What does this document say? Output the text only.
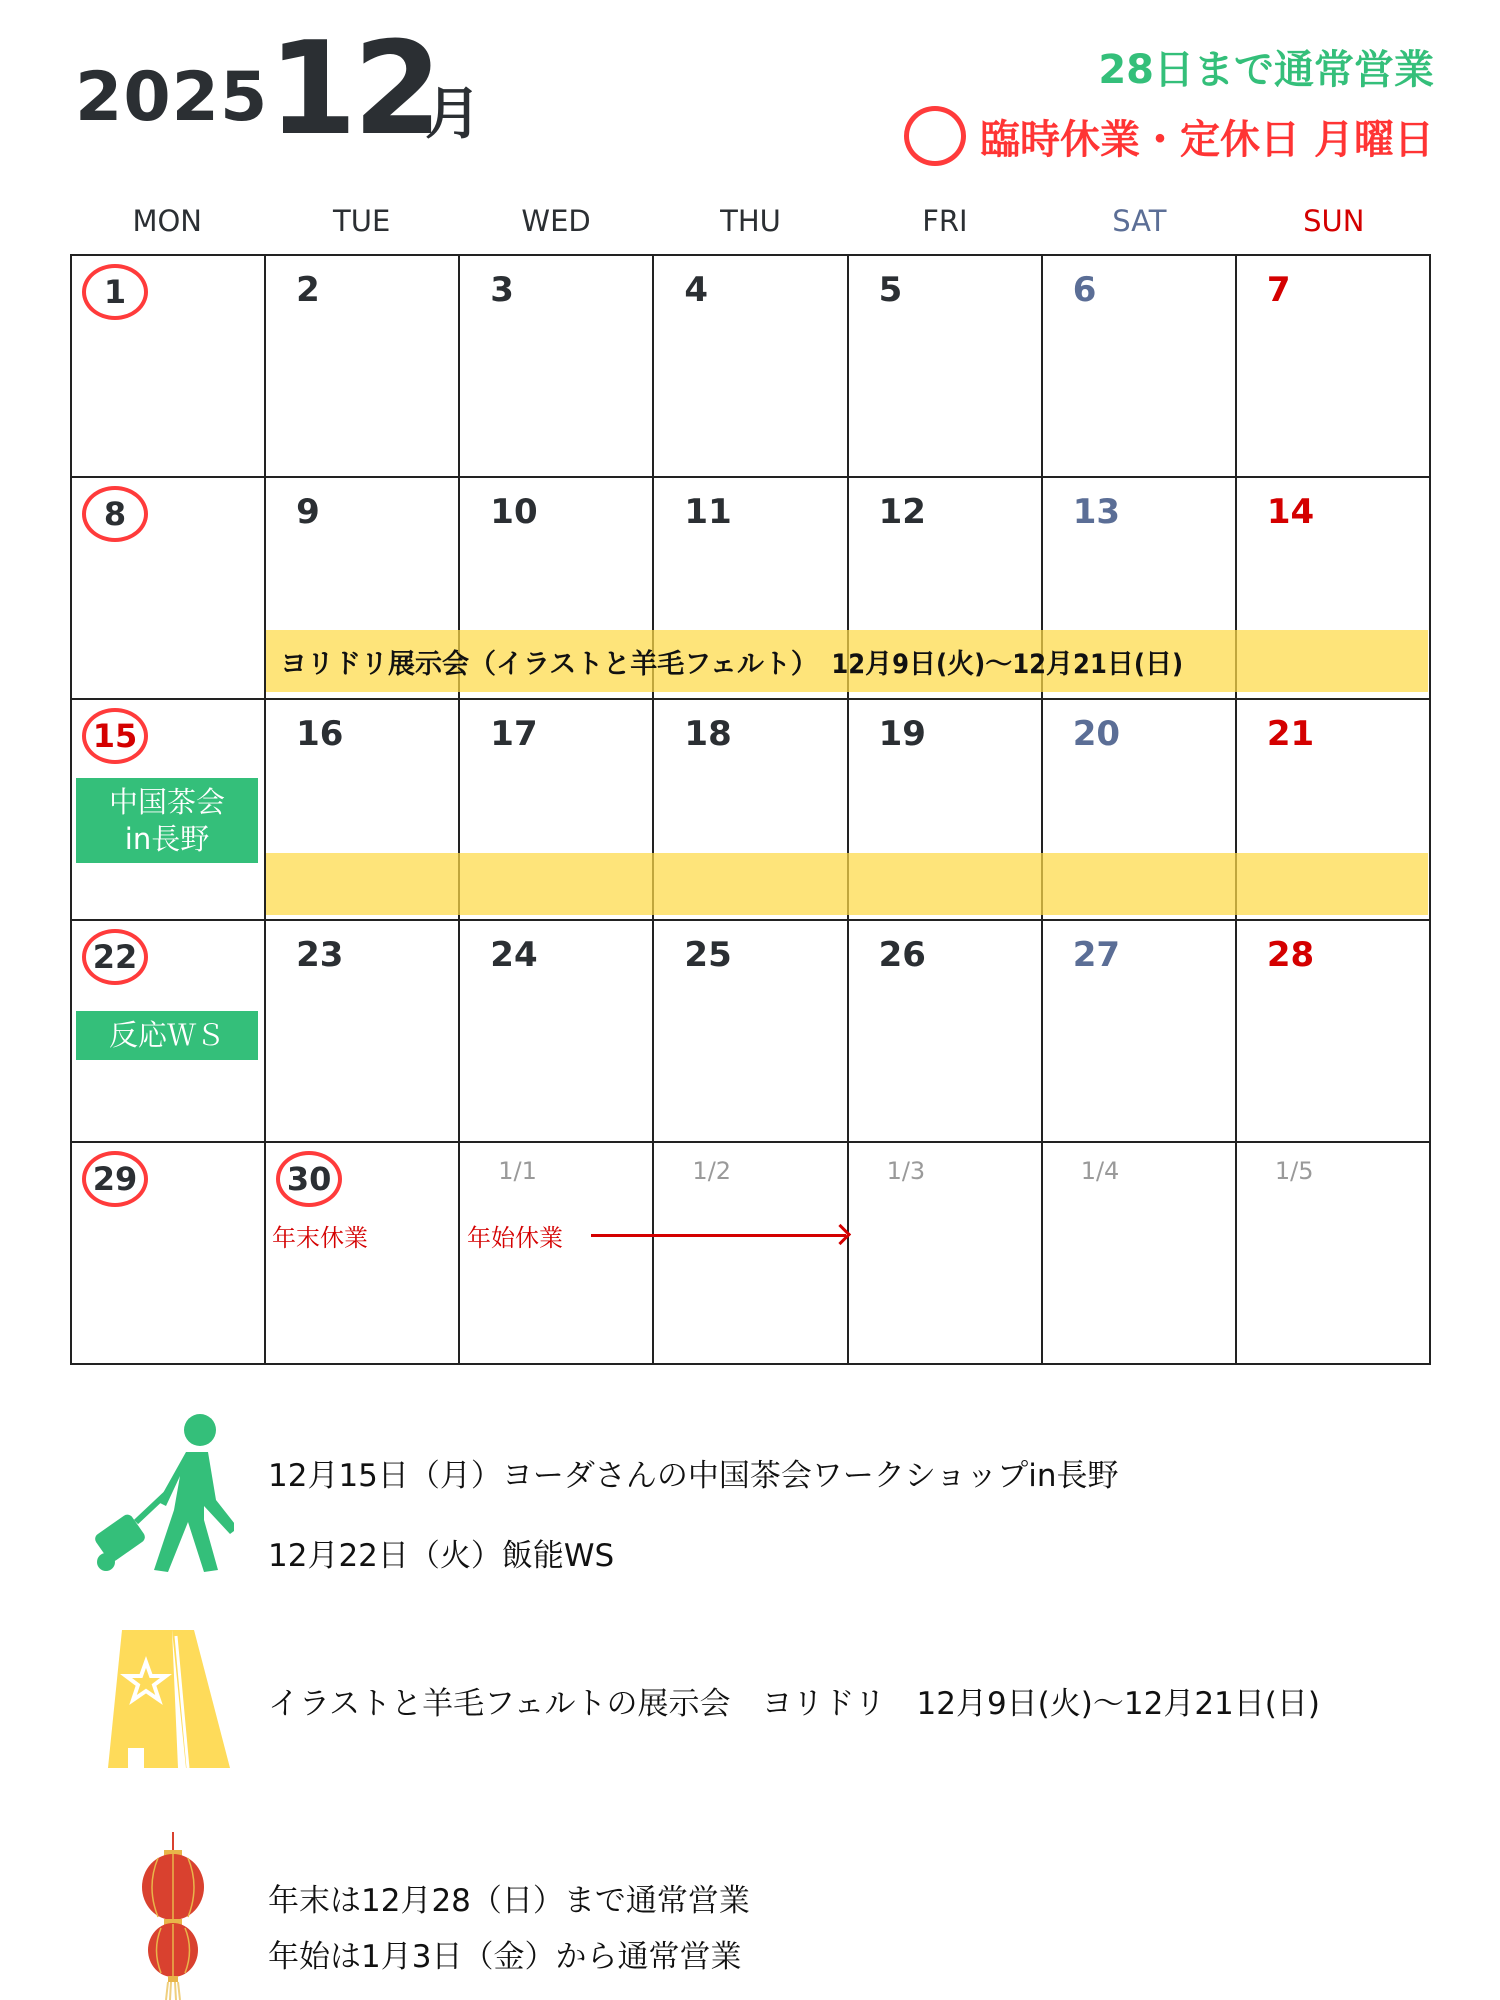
2025 12
月
28日まで通常営業
臨時休業・定休日 月曜日
MON	TUE	WED	THU	FRI	SAT	SUN
1	2	3	4	5	6	7
8	9	10	11	12	13	14
15	16	17	18	19	20	21
22	23	24	25	26	27	28
29	30	1/1	1/2	1/3	1/4	1/5
ヨリドリ展示会（イラストと羊毛フェルト）　12月9日(火)〜12月21日(日)
中国茶会
in長野
反応ＷＳ
年末休業	年始休業
12月15日（月）ヨーダさんの中国茶会ワークショップin長野
12月22日（火）飯能WS
イラストと羊毛フェルトの展示会　ヨリドリ　12月9日(火)〜12月21日(日)
年末は12月28（日）まで通常営業
年始は1月3日（金）から通常営業
